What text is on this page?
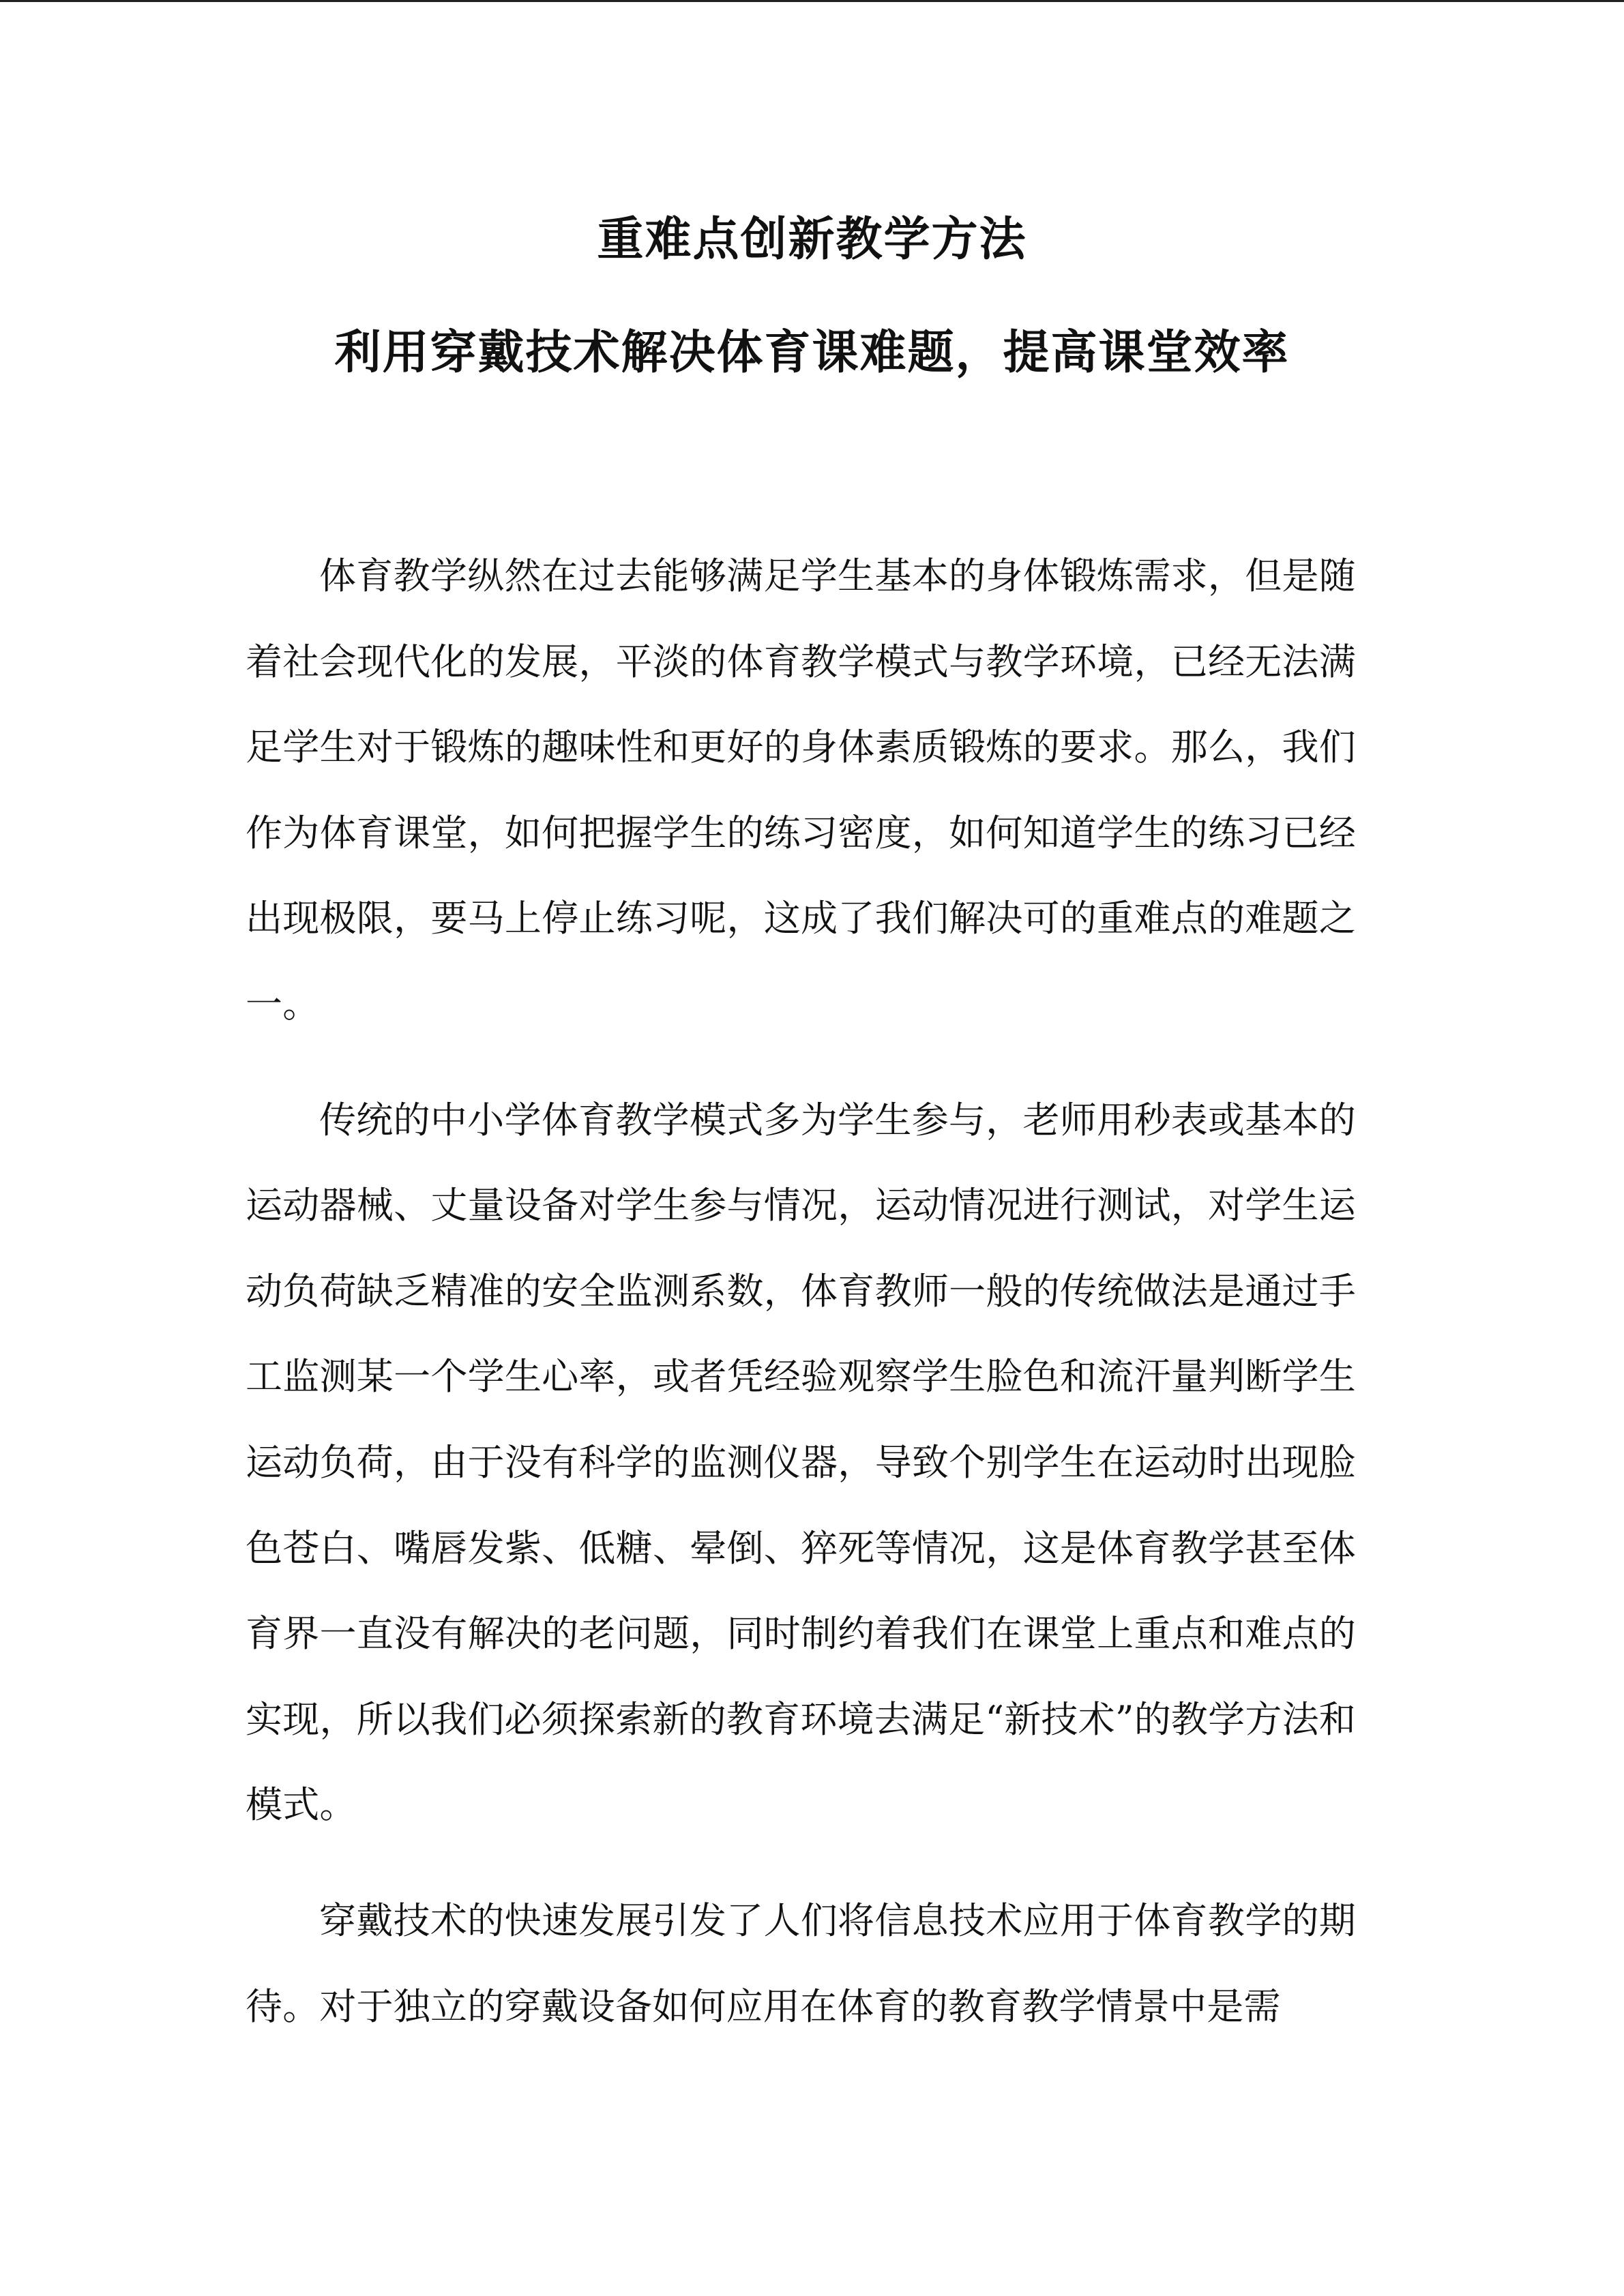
重难点创新教学方法
利用穿戴技术解决体育课难题，提高课堂效率

体育教学纵然在过去能够满足学生基本的身体锻炼需求，但是随着社会现代化的发展，平淡的体育教学模式与教学环境，已经无法满足学生对于锻炼的趣味性和更好的身体素质锻炼的要求。那么，我们作为体育课堂，如何把握学生的练习密度，如何知道学生的练习已经出现极限，要马上停止练习呢，这成了我们解决可的重难点的难题之一。

传统的中小学体育教学模式多为学生参与，老师用秒表或基本的运动器械、丈量设备对学生参与情况，运动情况进行测试，对学生运动负荷缺乏精准的安全监测系数，体育教师一般的传统做法是通过手工监测某一个学生心率，或者凭经验观察学生脸色和流汗量判断学生运动负荷，由于没有科学的监测仪器，导致个别学生在运动时出现脸色苍白、嘴唇发紫、低糖、晕倒、猝死等情况，这是体育教学甚至体育界一直没有解决的老问题，同时制约着我们在课堂上重点和难点的实现，所以我们必须探索新的教育环境去满足“新技术”的教学方法和模式。

穿戴技术的快速发展引发了人们将信息技术应用于体育教学的期待。对于独立的穿戴设备如何应用在体育的教育教学情景中是需
